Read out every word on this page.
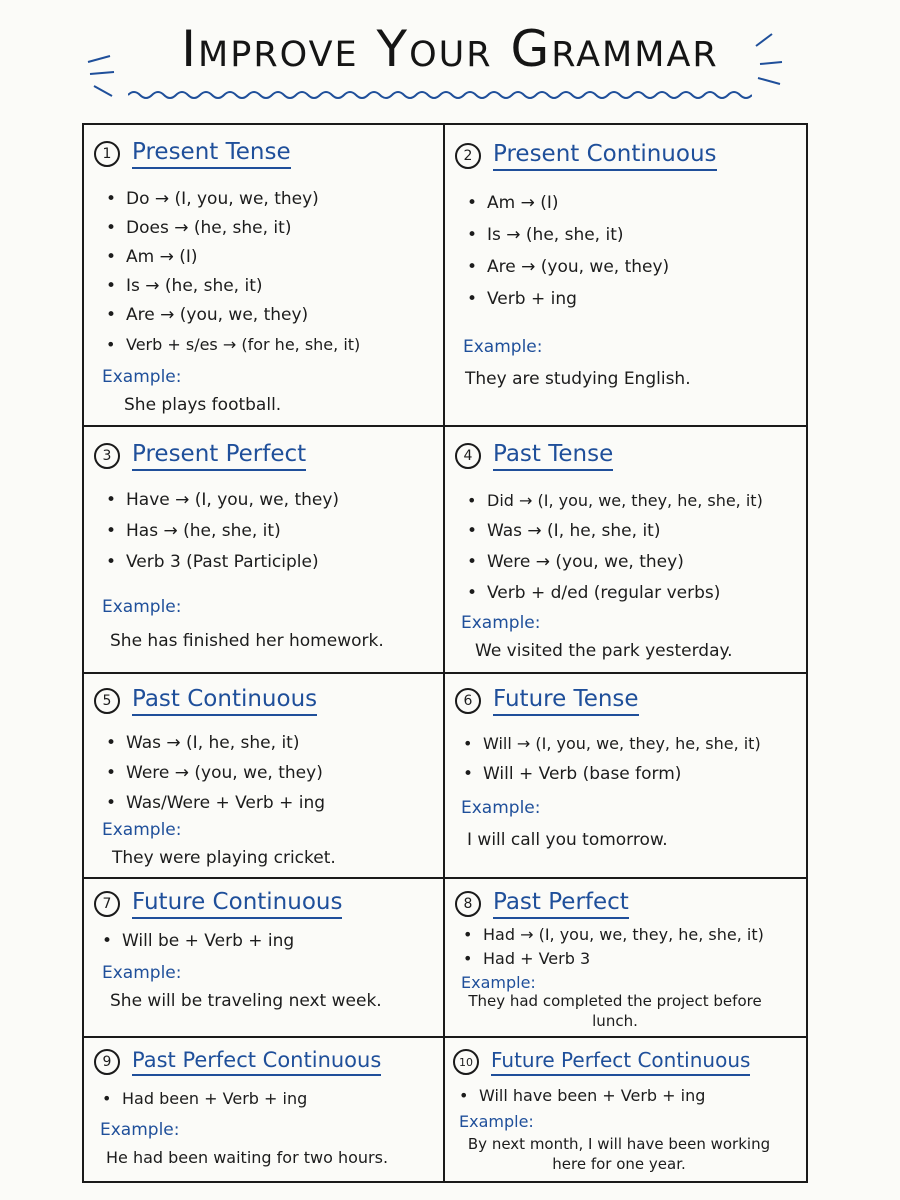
Improve Your Grammar
1 Present Tense
• Do → (I, you, we, they)
• Does → (he, she, it)
• Am → (I)
• Is → (he, she, it)
• Are → (you, we, they)
• Verb + s/es → (for he, she, it)
Example:
She plays football.
2 Present Continuous
• Am → (I)
• Is → (he, she, it)
• Are → (you, we, they)
• Verb + ing
Example:
They are studying English.
3 Present Perfect
• Have → (I, you, we, they)
• Has → (he, she, it)
• Verb 3 (Past Participle)
Example:
She has finished her homework.
4 Past Tense
• Did → (I, you, we, they, he, she, it)
• Was → (I, he, she, it)
• Were → (you, we, they)
• Verb + d/ed (regular verbs)
Example:
We visited the park yesterday.
5 Past Continuous
• Was → (I, he, she, it)
• Were → (you, we, they)
• Was/Were + Verb + ing
Example:
They were playing cricket.
6 Future Tense
• Will → (I, you, we, they, he, she, it)
• Will + Verb (base form)
Example:
I will call you tomorrow.
7 Future Continuous
• Will be + Verb + ing
Example:
She will be traveling next week.
8 Past Perfect
• Had → (I, you, we, they, he, she, it)
• Had + Verb 3
Example:
They had completed the project before lunch.
9 Past Perfect Continuous
• Had been + Verb + ing
Example:
He had been waiting for two hours.
10 Future Perfect Continuous
• Will have been + Verb + ing
Example:
By next month, I will have been working here for one year.
